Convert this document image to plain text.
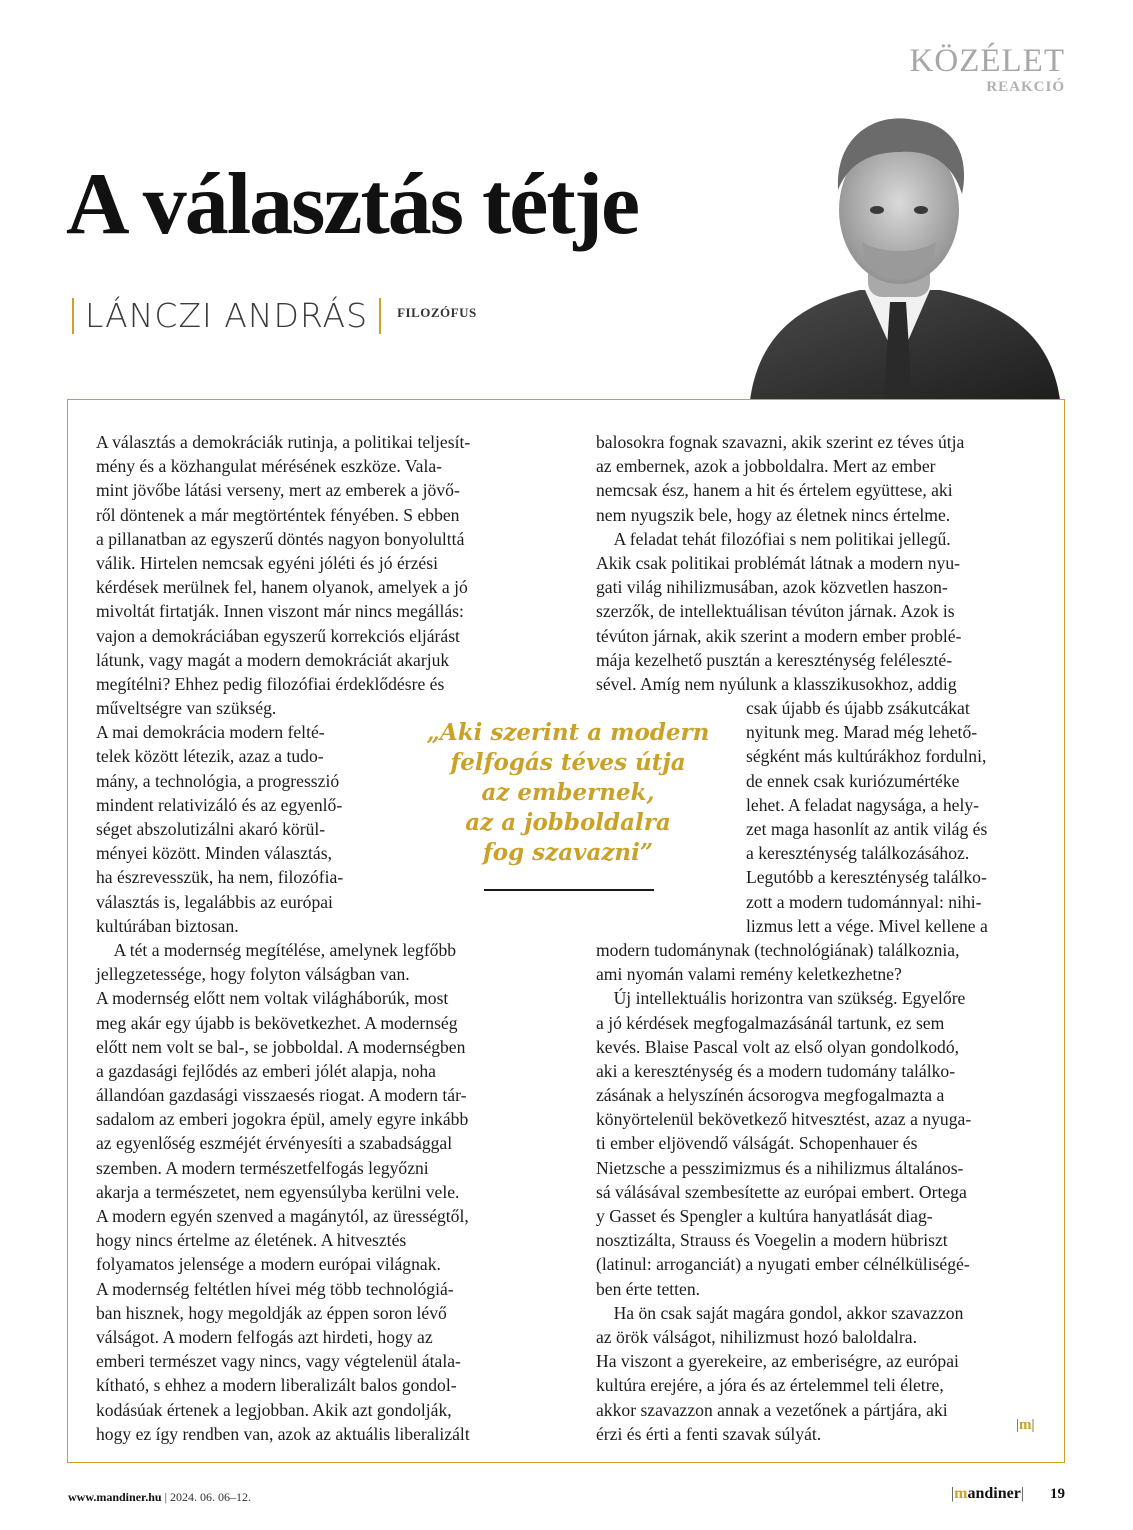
KÖZÉLET
REAKCIÓ
A választás tétje
LÁNCZI ANDRÁS	FILOZÓFUS
A választás a demokráciák rutinja, a politikai teljesít-
mény és a közhangulat mérésének eszköze. Vala-
mint jövőbe látási verseny, mert az emberek a jövő-
ről döntenek a már megtörténtek fényében. S ebben
a pillanatban az egyszerű döntés nagyon bonyolulttá
válik. Hirtelen nemcsak egyéni jóléti és jó érzési
kérdések merülnek fel, hanem olyanok, amelyek a jó
mivoltát firtatják. Innen viszont már nincs megállás:
vajon a demokráciában egyszerű korrekciós eljárást
látunk, vagy magát a modern demokráciát akarjuk
megítélni? Ehhez pedig filozófiai érdeklődésre és
műveltségre van szükség.
A mai demokrácia modern felté-
telek között létezik, azaz a tudo-
mány, a technológia, a progresszió
mindent relativizáló és az egyenlő-
séget abszolutizálni akaró körül-
ményei között. Minden választás,
ha észrevesszük, ha nem, filozófia-
választás is, legalábbis az európai
kultúrában biztosan.
A tét a modernség megítélése, amelynek legfőbb
jellegzetessége, hogy folyton válságban van.
A modernség előtt nem voltak világháborúk, most
meg akár egy újabb is bekövetkezhet. A modernség
előtt nem volt se bal-, se jobboldal. A modernségben
a gazdasági fejlődés az emberi jólét alapja, noha
állandóan gazdasági visszaesés riogat. A modern tár-
sadalom az emberi jogokra épül, amely egyre inkább
az egyenlőség eszméjét érvényesíti a szabadsággal
szemben. A modern természetfelfogás legyőzni
akarja a természetet, nem egyensúlyba kerülni vele.
A modern egyén szenved a magánytól, az ürességtől,
hogy nincs értelme az életének. A hitvesztés
folyamatos jelensége a modern európai világnak.
A modernség feltétlen hívei még több technológiá-
ban hisznek, hogy megoldják az éppen soron lévő
válságot. A modern felfogás azt hirdeti, hogy az
emberi természet vagy nincs, vagy végtelenül átala-
kítható, s ehhez a modern liberalizált balos gondol-
kodásúak értenek a legjobban. Akik azt gondolják,
hogy ez így rendben van, azok az aktuális liberalizált
balosokra fognak szavazni, akik szerint ez téves útja
az embernek, azok a jobboldalra. Mert az ember
nemcsak ész, hanem a hit és értelem együttese, aki
nem nyugszik bele, hogy az életnek nincs értelme.
A feladat tehát filozófiai s nem politikai jellegű.
Akik csak politikai problémát látnak a modern nyu-
gati világ nihilizmusában, azok közvetlen haszon-
szerzők, de intellektuálisan tévúton járnak. Azok is
tévúton járnak, akik szerint a modern ember problé-
mája kezelhető pusztán a kereszténység feléleszté-
sével. Amíg nem nyúlunk a klasszikusokhoz, addig
csak újabb és újabb zsákutcákat
nyitunk meg. Marad még lehető-
ségként más kultúrákhoz fordulni,
de ennek csak kuriózumértéke
lehet. A feladat nagysága, a hely-
zet maga hasonlít az antik világ és
a kereszténység találkozásához.
Legutóbb a kereszténység találko-
zott a modern tudománnyal: nihi-
lizmus lett a vége. Mivel kellene a
modern tudománynak (technológiának) találkoznia,
ami nyomán valami remény keletkezhetne?
Új intellektuális horizontra van szükség. Egyelőre
a jó kérdések megfogalmazásánál tartunk, ez sem
kevés. Blaise Pascal volt az első olyan gondolkodó,
aki a kereszténység és a modern tudomány találko-
zásának a helyszínén ácsorogva megfogalmazta a
könyörtelenül bekövetkező hitvesztést, azaz a nyuga-
ti ember eljövendő válságát. Schopenhauer és
Nietzsche a pesszimizmus és a nihilizmus általános-
sá válásával szembesítette az európai embert. Ortega
y Gasset és Spengler a kultúra hanyatlását diag-
nosztizálta, Strauss és Voegelin a modern hübriszt
(latinul: arroganciát) a nyugati ember célnélküliségé-
ben érte tetten.
Ha ön csak saját magára gondol, akkor szavazzon
az örök válságot, nihilizmust hozó baloldalra.
Ha viszont a gyerekeire, az emberiségre, az európai
kultúra erejére, a jóra és az értelemmel teli életre,
akkor szavazzon annak a vezetőnek a pártjára, aki
érzi és érti a fenti szavak súlyát.
„Aki szerint a modern
felfogás téves útja
az embernek,
az a jobboldalra
fog szavazni”
|m|
www.mandiner.hu | 2024. 06. 06–12.	|mandiner| 19
